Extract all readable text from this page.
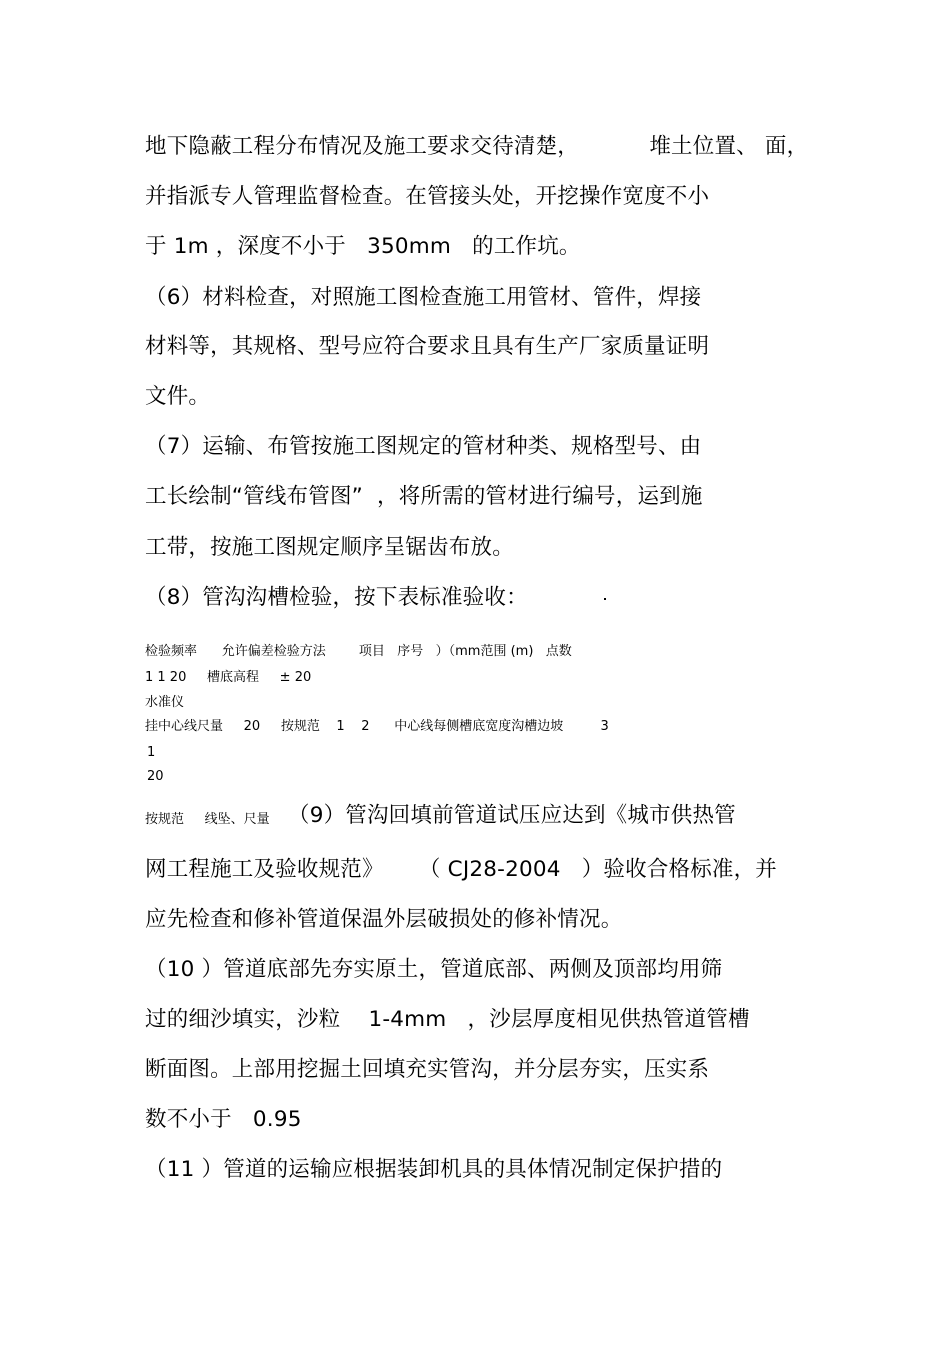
地下隐蔽工程分布情况及施工要求交待清楚，          堆土位置、 面，
并指派专人管理监督检查。在管接头处，开挖操作宽度不小
于 1m ，深度不小于   350mm   的工作坑。
（6）材料检查，对照施工图检查施工用管材、管件，焊接
材料等，其规格、型号应符合要求且具有生产厂家质量证明
文件。
（7）运输、布管按施工图规定的管材种类、规格型号、由
工长绘制“管线布管图”  ，将所需的管材进行编号，运到施
工带，按施工图规定顺序呈锯齿布放。
（8）管沟沟槽检验，按下表标准验收：
检验频率      允许偏差检验方法        项目   序号   ）（mm范围 (m)   点数
1 1 20     槽底高程     ± 20
水准仪
挂中心线尺量     20     按规范    1    2      中心线每侧槽底宽度沟槽边坡         3
1
20
按规范     线坠、尺量 （9）管沟回填前管道试压应达到《城市供热管
网工程施工及验收规范》     （ CJ28-2004   ）验收合格标准，并
应先检查和修补管道保温外层破损处的修补情况。
（10 ）管道底部先夯实原土，管道底部、两侧及顶部均用筛
过的细沙填实，沙粒    1-4mm   ，沙层厚度相见供热管道管槽
断面图。上部用挖掘土回填充实管沟，并分层夯实，压实系
数不小于   0.95
（11 ）管道的运输应根据装卸机具的具体情况制定保护措的
